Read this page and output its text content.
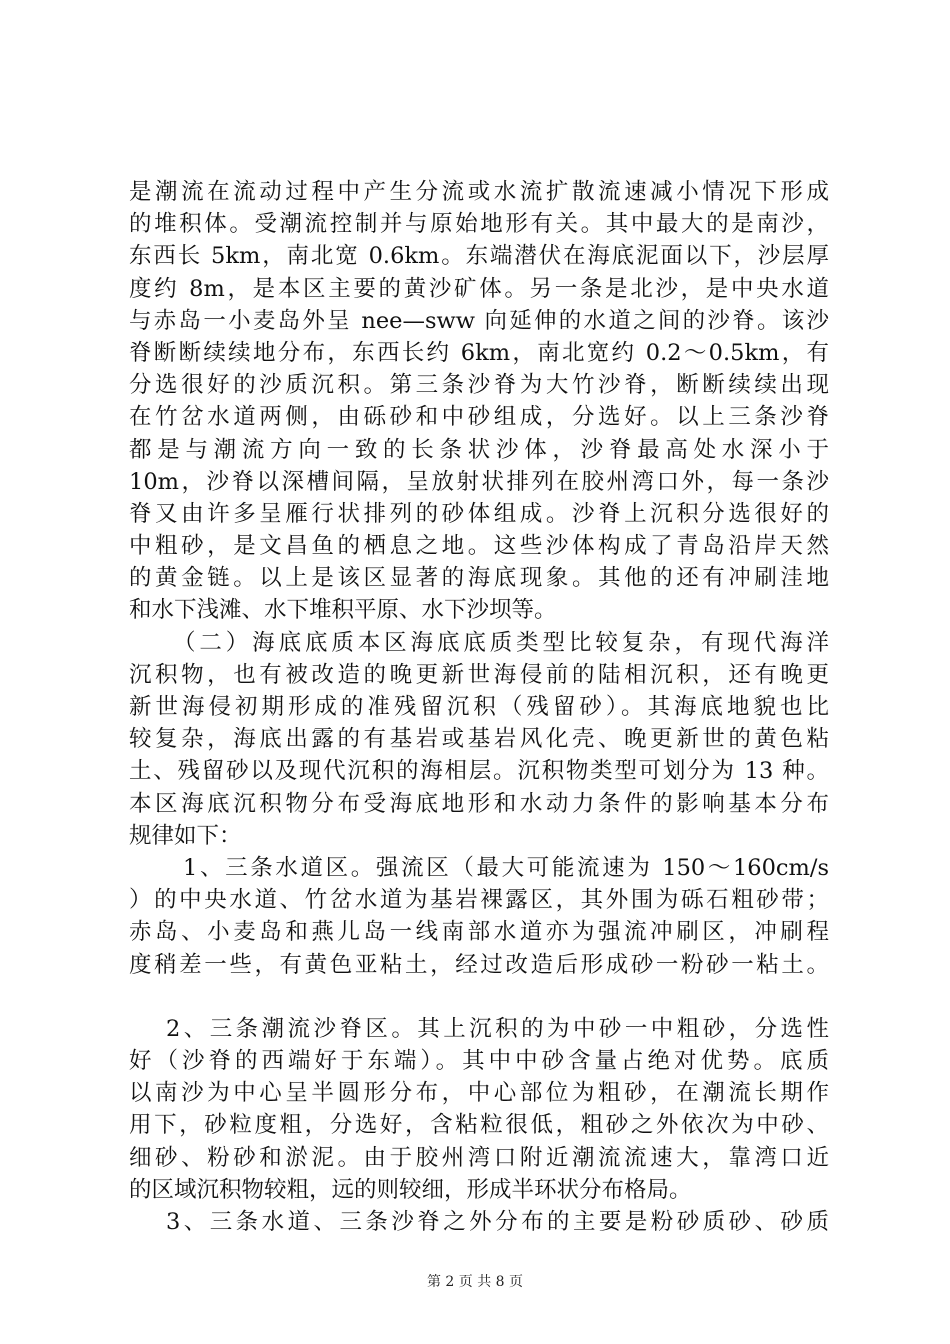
是潮流在流动过程中产生分流或水流扩散流速减小情况下形成
的堆积体。受潮流控制并与原始地形有关。其中最大的是南沙，
东西长 5km，南北宽 0.6km。东端潜伏在海底泥面以下，沙层厚
度约 8m，是本区主要的黄沙矿体。另一条是北沙，是中央水道
与赤岛一小麦岛外呈 nee—sww 向延伸的水道之间的沙脊。该沙
脊断断续续地分布，东西长约 6km，南北宽约 0.2～0.5km，有
分选很好的沙质沉积。第三条沙脊为大竹沙脊，断断续续出现
在竹岔水道两侧，由砾砂和中砂组成，分选好。以上三条沙脊
都是与潮流方向一致的长条状沙体，沙脊最高处水深小于
10m，沙脊以深槽间隔，呈放射状排列在胶州湾口外，每一条沙
脊又由许多呈雁行状排列的砂体组成。沙脊上沉积分选很好的
中粗砂，是文昌鱼的栖息之地。这些沙体构成了青岛沿岸天然
的黄金链。以上是该区显著的海底现象。其他的还有冲刷洼地
和水下浅滩、水下堆积平原、水下沙坝等。
（二）海底底质本区海底底质类型比较复杂，有现代海洋
沉积物，也有被改造的晚更新世海侵前的陆相沉积，还有晚更
新世海侵初期形成的准残留沉积（残留砂）。其海底地貌也比
较复杂，海底出露的有基岩或基岩风化壳、晚更新世的黄色粘
土、残留砂以及现代沉积的海相层。沉积物类型可划分为 13 种。
本区海底沉积物分布受海底地形和水动力条件的影响基本分布
规律如下：
1、三条水道区。强流区（最大可能流速为 150～160cm/s
）的中央水道、竹岔水道为基岩裸露区，其外围为砾石粗砂带；
赤岛、小麦岛和燕儿岛一线南部水道亦为强流冲刷区，冲刷程
度稍差一些，有黄色亚粘土，经过改造后形成砂一粉砂一粘土。
2、三条潮流沙脊区。其上沉积的为中砂一中粗砂，分选性
好（沙脊的西端好于东端）。其中中砂含量占绝对优势。底质
以南沙为中心呈半圆形分布，中心部位为粗砂，在潮流长期作
用下，砂粒度粗，分选好，含粘粒很低，粗砂之外依次为中砂、
细砂、粉砂和淤泥。由于胶州湾口附近潮流流速大，靠湾口近
的区域沉积物较粗，远的则较细，形成半环状分布格局。
3、三条水道、三条沙脊之外分布的主要是粉砂质砂、砂质
第 2 页 共 8 页
